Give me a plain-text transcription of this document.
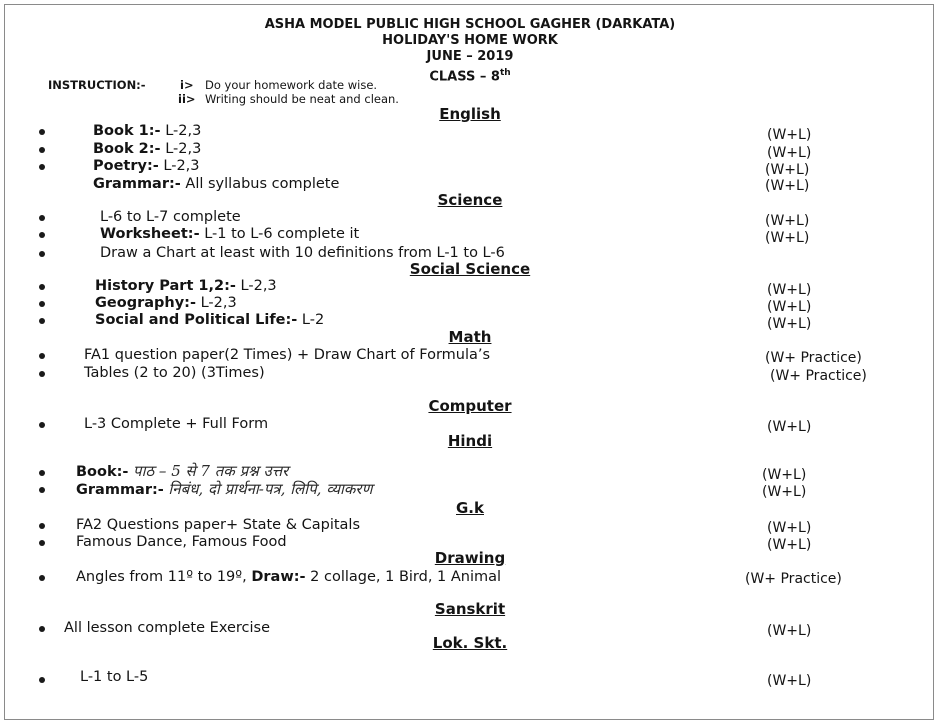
ASHA MODEL PUBLIC HIGH SCHOOL GAGHER (DARKATA)
HOLIDAY'S HOME WORK
JUNE – 2019
CLASS – 8th
INSTRUCTION:-	i> Do your homework date wise.
ii> Writing should be neat and clean.
English
Book 1:- L-2,3	(W+L)
Book 2:- L-2,3	(W+L)
Poetry:- L-2,3	(W+L)
Grammar:- All syllabus complete	(W+L)
Science
L-6 to L-7 complete	(W+L)
Worksheet:- L-1 to L-6 complete it	(W+L)
Draw a Chart at least with 10 definitions from L-1 to L-6
Social Science
History Part 1,2:- L-2,3	(W+L)
Geography:- L-2,3	(W+L)
Social and Political Life:- L-2	(W+L)
Math
FA1 question paper(2 Times) + Draw Chart of Formula’s	(W+ Practice)
Tables (2 to 20) (3Times)	(W+ Practice)
Computer
L-3 Complete + Full Form	(W+L)
Hindi
Book:- पाठ – 5 से 7 तक प्रश्न उत्तर	(W+L)
Grammar:- निबंध, दो प्रार्थना-पत्र, लिपि, व्याकरण	(W+L)
G.k
FA2 Questions paper+ State & Capitals	(W+L)
Famous Dance, Famous Food	(W+L)
Drawing
Angles from 11º to 19º, Draw:- 2 collage, 1 Bird, 1 Animal	(W+ Practice)
Sanskrit
All lesson complete Exercise	(W+L)
Lok. Skt.
L-1 to L-5	(W+L)
